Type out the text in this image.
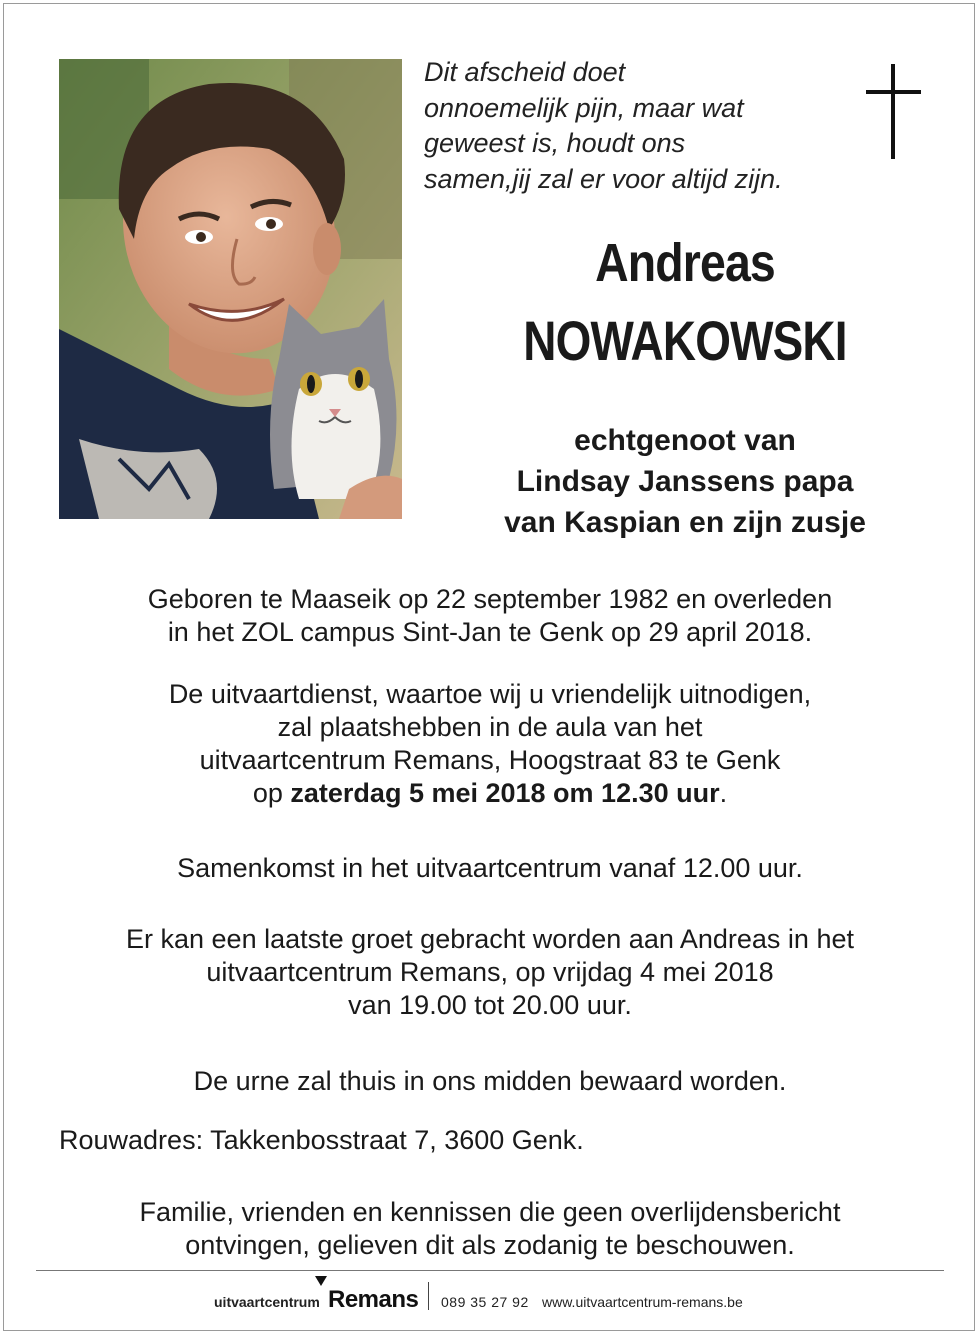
Dit afscheid doet
onnoemelijk pijn, maar wat
geweest is, houdt ons
samen,jij zal er voor altijd zijn.
Andreas
NOWAKOWSKI
echtgenoot van
Lindsay Janssens papa
van Kaspian en zijn zusje
Geboren te Maaseik op 22 september 1982 en overleden
in het ZOL campus Sint-Jan te Genk op 29 april 2018.
De uitvaartdienst, waartoe wij u vriendelijk uitnodigen,
zal plaatshebben in de aula van het
uitvaartcentrum Remans, Hoogstraat 83 te Genk
op zaterdag 5 mei 2018 om 12.30 uur.
Samenkomst in het uitvaartcentrum vanaf 12.00 uur.
Er kan een laatste groet gebracht worden aan Andreas in het
uitvaartcentrum Remans, op vrijdag 4 mei 2018
van 19.00 tot 20.00 uur.
De urne zal thuis in ons midden bewaard worden.
Rouwadres: Takkenbosstraat 7, 3600 Genk.
Familie, vrienden en kennissen die geen overlijdensbericht
ontvingen, gelieven dit als zodanig te beschouwen.
uitvaartcentrum Remans 089 35 27 92 www.uitvaartcentrum-remans.be
